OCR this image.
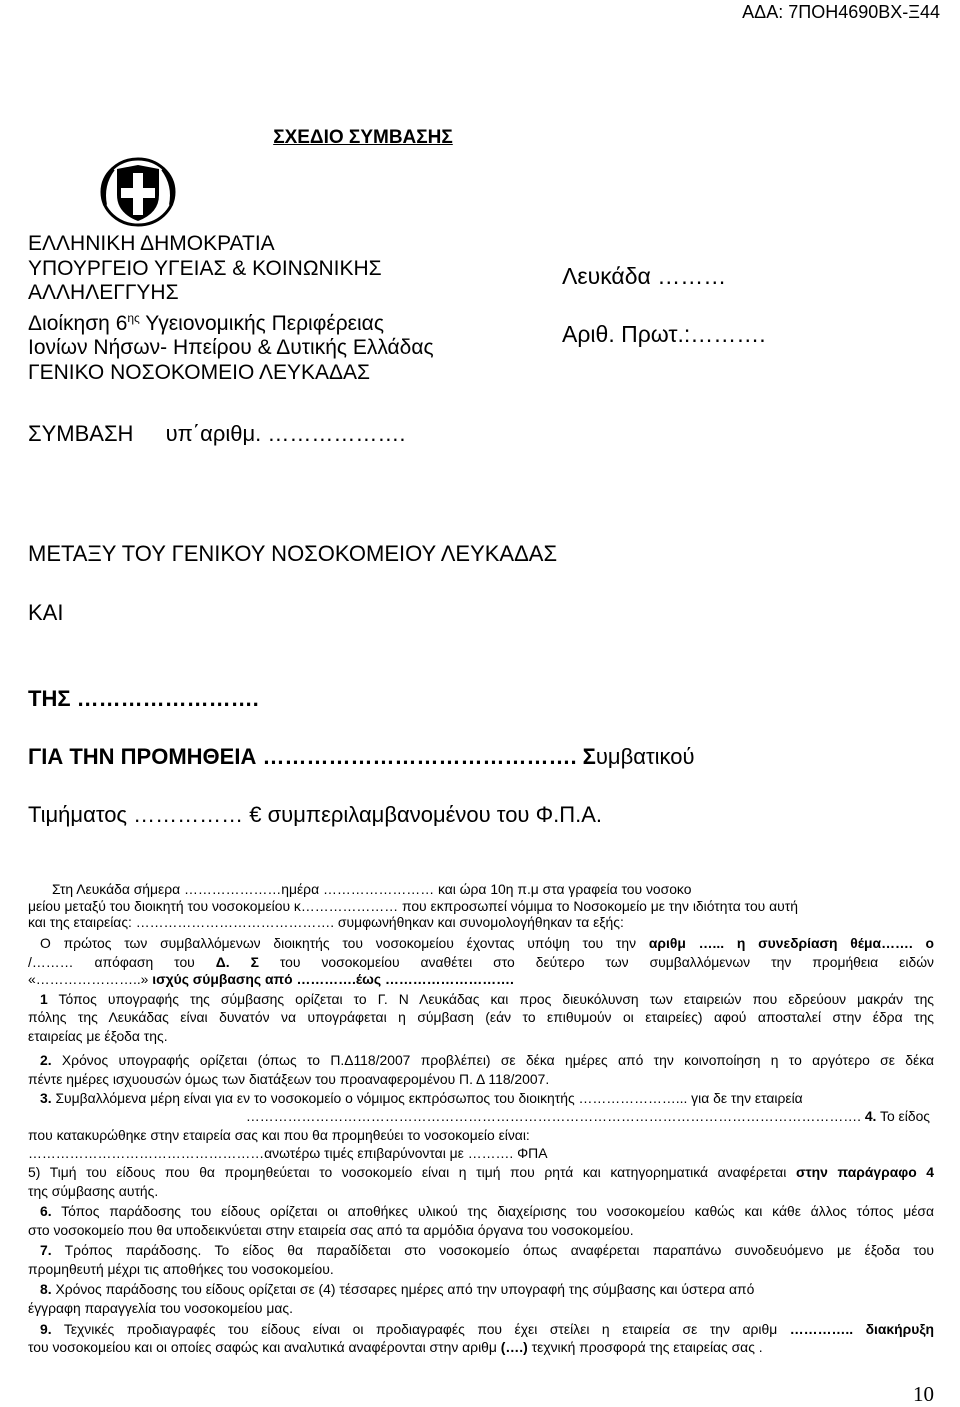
ΑΔΑ: 7ΠΟΗ4690ΒΧ-Ξ44
ΣΧΕΔΙΟ ΣΥΜΒΑΣΗΣ
ΕΛΛΗΝΙΚΗ ΔΗΜΟΚΡΑΤΙΑ
ΥΠΟΥΡΓΕΙΟ ΥΓΕΙΑΣ & ΚΟΙΝΩΝΙΚΗΣ
ΑΛΛΗΛΕΓΓΥΗΣ
Διοίκηση $6^{\eta\varsigma}$ Υγειονομικής Περιφέρειας
Ιονίων Νήσων- Ηπείρου & Δυτικής Ελλάδας
ΓΕΝΙΚΟ ΝΟΣΟΚΟΜΕΙΟ ΛΕΥΚΑΔΑΣ
Λευκάδα ………
Αριθ. Πρωτ.:……….
ΣΥΜΒΑΣΗ υπ΄αριθμ. ……………….
ΜΕΤΑΞΥ ΤΟΥ ΓΕΝΙΚΟΥ ΝΟΣΟΚΟΜΕΙΟΥ ΛΕΥΚΑΔΑΣ
ΚΑΙ
ΤΗΣ …………………….
ΓΙΑ ΤΗΝ ΠΡΟΜΗΘΕΙΑ ……………………………………. Συμβατικού
Τιμήματος …………… € συμπεριλαμβανομένου του Φ.Π.Α.

Στη Λευκάδα σήμερα …………………ημέρα …………………… και ώρα 10η π.μ στα γραφεία του νοσοκο

μείου μεταξύ του διοικητή του νοσοκομείου κ………………… που εκπροσωπεί νόμιμα το Νοσοκομείο με την ιδιότητα του αυτή

και της εταιρείας: ……………………………………. συμφωνήθηκαν και συνομολογήθηκαν τα εξής:

Ο πρώτος των συμβαλλόμενων διοικητής του νοσοκομείου έχοντας υπόψη του την αριθμ …... η συνεδρίαση θέμα……. ο

/……… απόφαση του Δ. Σ του νοσοκομείου αναθέτει στο δεύτερο των συμβαλλόμενων την προμήθεια ειδών

«…………………..» ισχύς σύμβασης από ………….έως ……………………….

1 Τόπος υπογραφής της σύμβασης ορίζεται το Γ. Ν Λευκάδας και προς διευκόλυνση των εταιρειών που εδρεύουν μακράν της

πόλης της Λευκάδας είναι δυνατόν να υπογράφεται η σύμβαση (εάν το επιθυμούν οι εταιρείες) αφού αποσταλεί στην έδρα της

εταιρείας με έξοδα της.

2. Χρόνος υπογραφής ορίζεται (όπως το Π.Δ118/2007 προβλέπει) σε δέκα ημέρες από την κοινοποίηση η το αργότερο σε δέκα

πέντε ημέρες ισχυουσών όμως των διατάξεων του προαναφερομένου Π. Δ 118/2007.

3. Συμβαλλόμενα μέρη είναι για εν το νοσοκομείο ο νόμιμος εκπρόσωπος του διοικητής …………………... για δε την εταιρεία

……………………………………………………………………………………………………………………. 4. Το είδος

που κατακυρώθηκε στην εταιρεία σας και που θα προμηθεύει το νοσοκομείο είναι:

……………………………………………ανωτέρω τιμές επιβαρύνονται με ………. ΦΠΑ

5) Τιμή του είδους που θα προμηθεύεται το νοσοκομείο είναι η τιμή που ρητά και κατηγορηματικά αναφέρεται στην παράγραφο 4

της σύμβασης αυτής.

6. Τόπος παράδοσης του είδους ορίζεται οι αποθήκες υλικού της διαχείρισης του νοσοκομείου καθώς και κάθε άλλος τόπος μέσα

στο νοσοκομείο που θα υποδεικνύεται στην εταιρεία σας από τα αρμόδια όργανα του νοσοκομείου.

7. Τρόπος παράδοσης. Το είδος θα παραδίδεται στο νοσοκομείο όπως αναφέρεται παραπάνω συνοδευόμενο με έξοδα του

προμηθευτή μέχρι τις αποθήκες του νοσοκομείου.

8. Χρόνος παράδοσης του είδους ορίζεται σε (4) τέσσαρες ημέρες από την υπογραφή της σύμβασης και ύστερα από

έγγραφη παραγγελία του νοσοκομείου μας.

9. Τεχνικές προδιαγραφές του είδους είναι οι προδιαγραφές που έχει στείλει η εταιρεία σε την αριθμ ………….. διακήρυξη

του νοσοκομείου και οι οποίες σαφώς και αναλυτικά αναφέρονται στην αριθμ (….) τεχνική προσφορά της εταιρείας σας .

10
